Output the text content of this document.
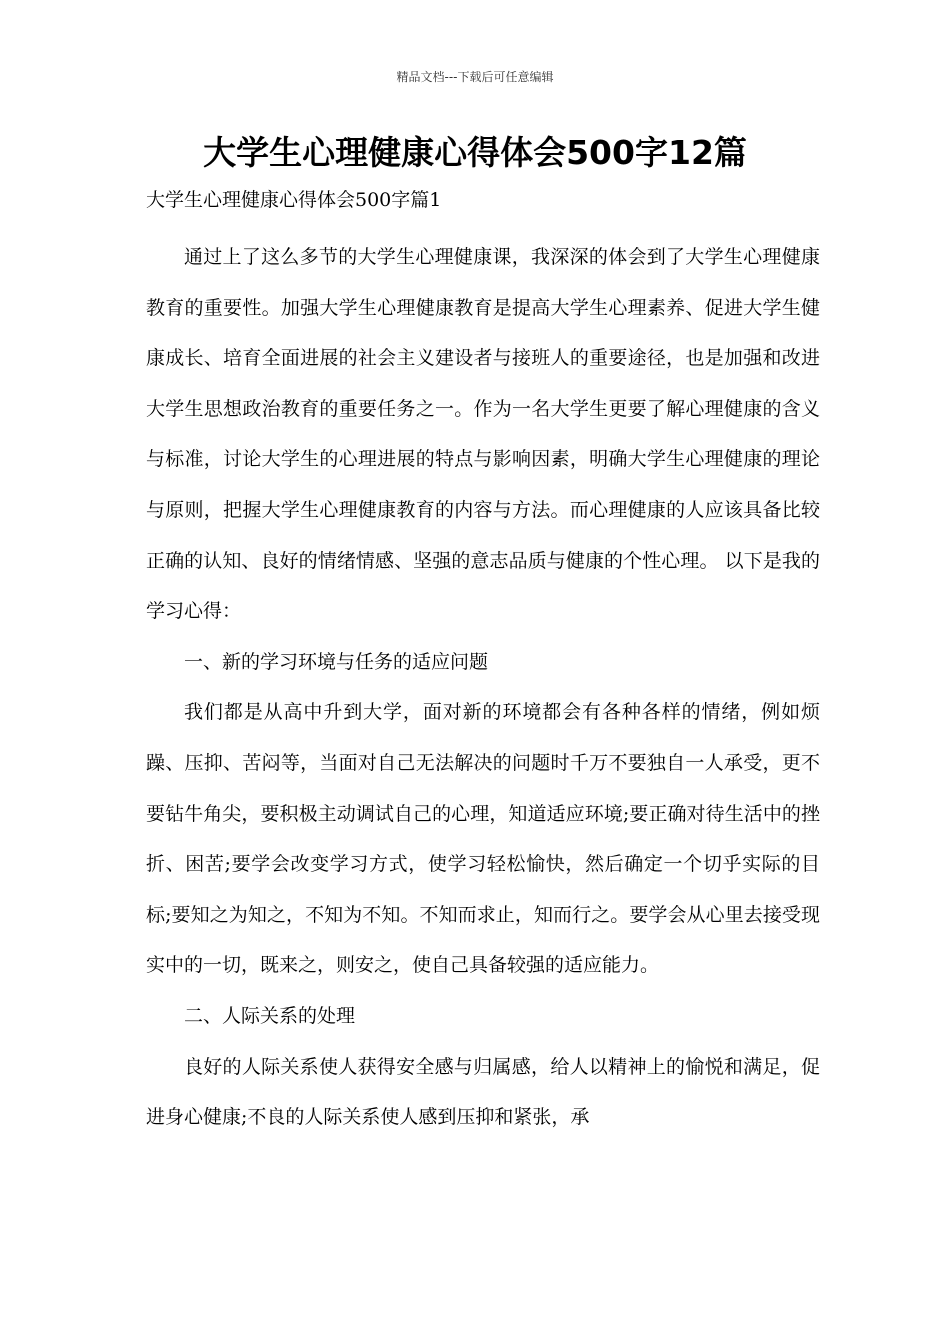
精品文档---下载后可任意编辑
大学生心理健康心得体会500字12篇
大学生心理健康心得体会500字篇1

通过上了这么多节的大学生心理健康课，我深深的体会到了大学生心理健康教育的重要性。加强大学生心理健康教育是提高大学生心理素养、促进大学生健康成长、培育全面进展的社会主义建设者与接班人的重要途径，也是加强和改进大学生思想政治教育的重要任务之一。作为一名大学生更要了解心理健康的含义与标准，讨论大学生的心理进展的特点与影响因素，明确大学生心理健康的理论与原则，把握大学生心理健康教育的内容与方法。而心理健康的人应该具备比较正确的认知、良好的情绪情感、坚强的意志品质与健康的个性心理。 以下是我的学习心得：

一、新的学习环境与任务的适应问题

我们都是从高中升到大学，面对新的环境都会有各种各样的情绪，例如烦躁、压抑、苦闷等，当面对自己无法解决的问题时千万不要独自一人承受，更不要钻牛角尖，要积极主动调试自己的心理，知道适应环境;要正确对待生活中的挫折、困苦;要学会改变学习方式，使学习轻松愉快，然后确定一个切乎实际的目标;要知之为知之，不知为不知。不知而求止，知而行之。要学会从心里去接受现实中的一切，既来之，则安之，使自己具备较强的适应能力。

二、人际关系的处理

良好的人际关系使人获得安全感与归属感，给人以精神上的愉悦和满足，促进身心健康;不良的人际关系使人感到压抑和紧张，承
